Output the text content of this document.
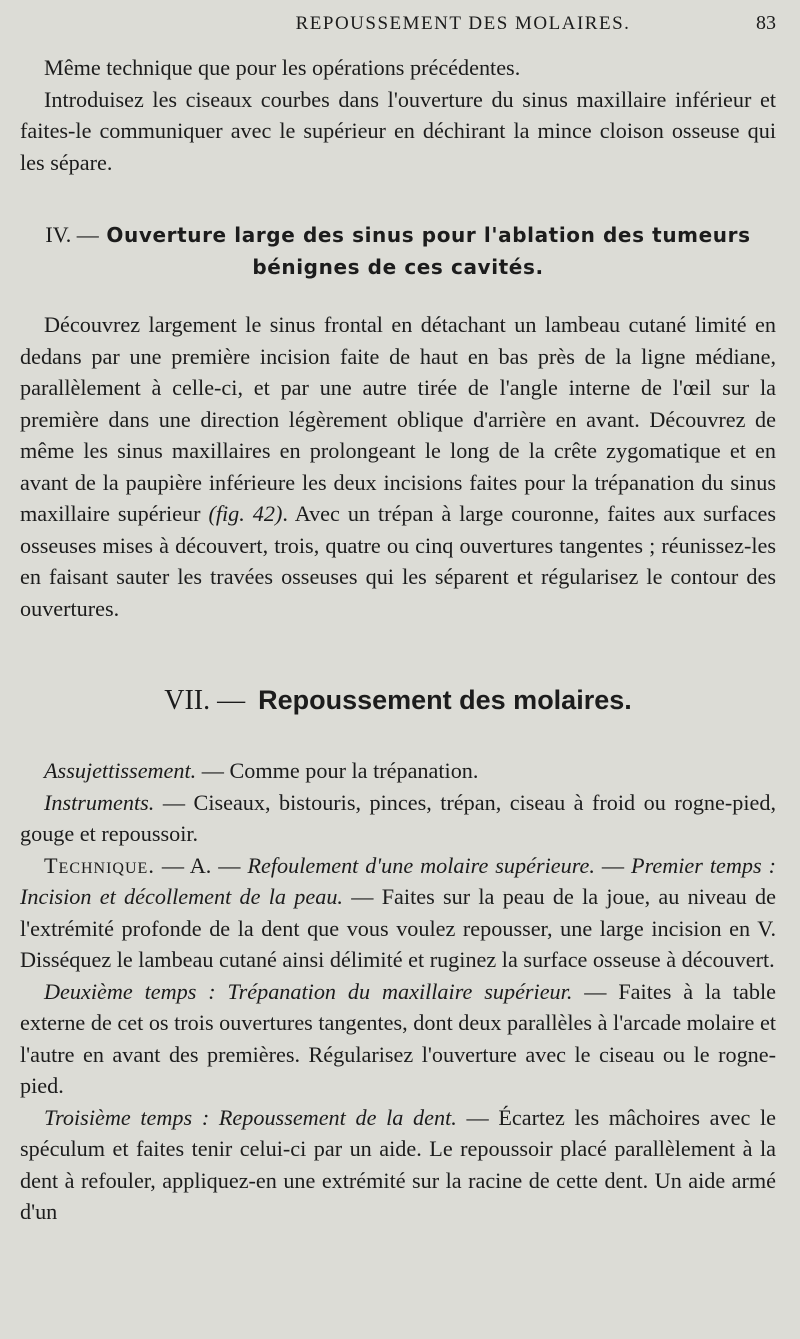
REPOUSSEMENT DES MOLAIRES.	83

Même technique que pour les opérations précédentes.

Introduisez les ciseaux courbes dans l'ouverture du sinus maxillaire inférieur et faites-le communiquer avec le supérieur en déchirant la mince cloison osseuse qui les sépare.

IV. — Ouverture large des sinus pour l'ablation des tumeurs bénignes de ces cavités.

Découvrez largement le sinus frontal en détachant un lambeau cutané limité en dedans par une première incision faite de haut en bas près de la ligne médiane, parallèlement à celle-ci, et par une autre tirée de l'angle interne de l'œil sur la première dans une direction légèrement oblique d'arrière en avant. Découvrez de même les sinus maxillaires en prolongeant le long de la crête zygomatique et en avant de la paupière inférieure les deux incisions faites pour la trépanation du sinus maxillaire supérieur (fig. 42). Avec un trépan à large couronne, faites aux surfaces osseuses mises à découvert, trois, quatre ou cinq ouvertures tangentes ; réunissez-les en faisant sauter les travées osseuses qui les séparent et régularisez le contour des ouvertures.

VII. — Repoussement des molaires.

Assujettissement. — Comme pour la trépanation.

Instruments. — Ciseaux, bistouris, pinces, trépan, ciseau à froid ou rogne-pied, gouge et repoussoir.

Technique. — A. — Refoulement d'une molaire supérieure. — Premier temps : Incision et décollement de la peau. — Faites sur la peau de la joue, au niveau de l'extrémité profonde de la dent que vous voulez repousser, une large incision en V. Disséquez le lambeau cutané ainsi délimité et ruginez la surface osseuse à découvert.

Deuxième temps : Trépanation du maxillaire supérieur. — Faites à la table externe de cet os trois ouvertures tangentes, dont deux parallèles à l'arcade molaire et l'autre en avant des premières. Régularisez l'ouverture avec le ciseau ou le rogne-pied.

Troisième temps : Repoussement de la dent. — Écartez les mâchoires avec le spéculum et faites tenir celui-ci par un aide. Le repoussoir placé parallèlement à la dent à refouler, appliquez-en une extrémité sur la racine de cette dent. Un aide armé d'un
